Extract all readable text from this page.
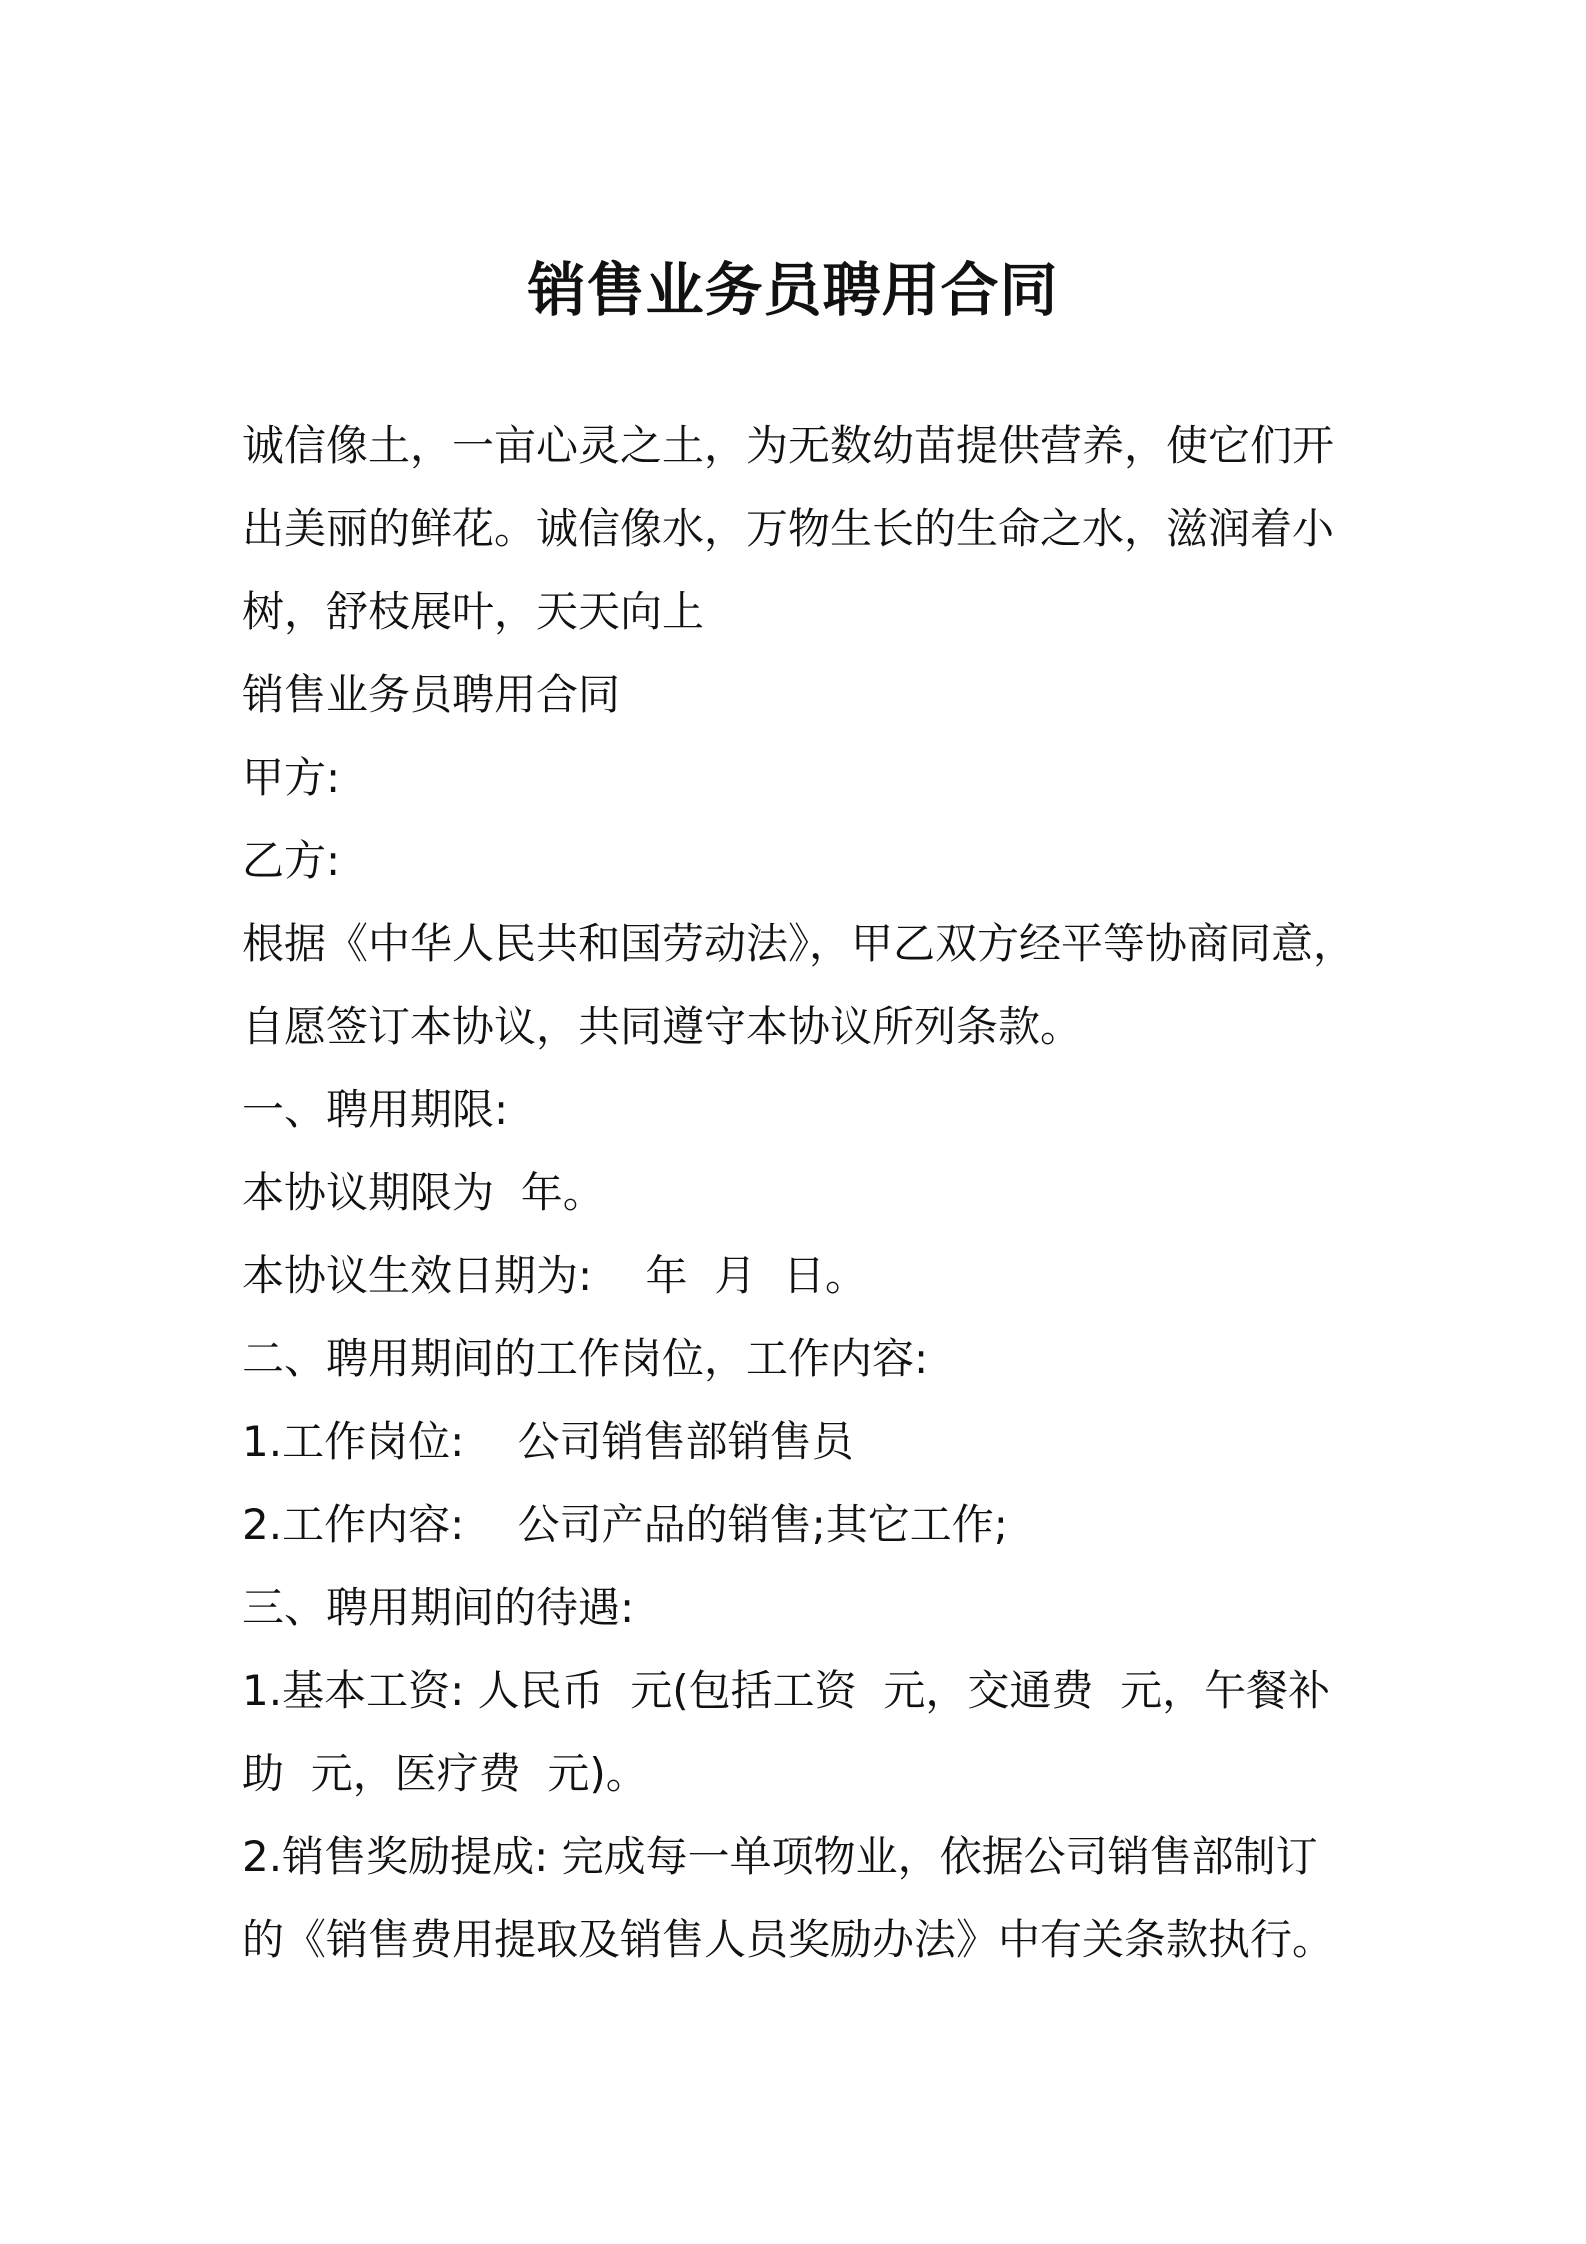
销售业务员聘用合同

诚信像土，一亩心灵之土，为无数幼苗提供营养，使它们开出美丽的鲜花。诚信像水，万物生长的生命之水，滋润着小树，舒枝展叶，天天向上

销售业务员聘用合同

甲方:

乙方:

根据《中华人民共和国劳动法》，甲乙双方经平等协商同意，自愿签订本协议，共同遵守本协议所列条款。

一、聘用期限:

本协议期限为  年。

本协议生效日期为:    年  月  日。

二、聘用期间的工作岗位，工作内容:

1.工作岗位:    公司销售部销售员

2.工作内容:    公司产品的销售;其它工作;

三、聘用期间的待遇:

1.基本工资: 人民币  元(包括工资  元，交通费  元，午餐补助  元，医疗费  元)。

2.销售奖励提成: 完成每一单项物业，依据公司销售部制订的《销售费用提取及销售人员奖励办法》中有关条款执行。
